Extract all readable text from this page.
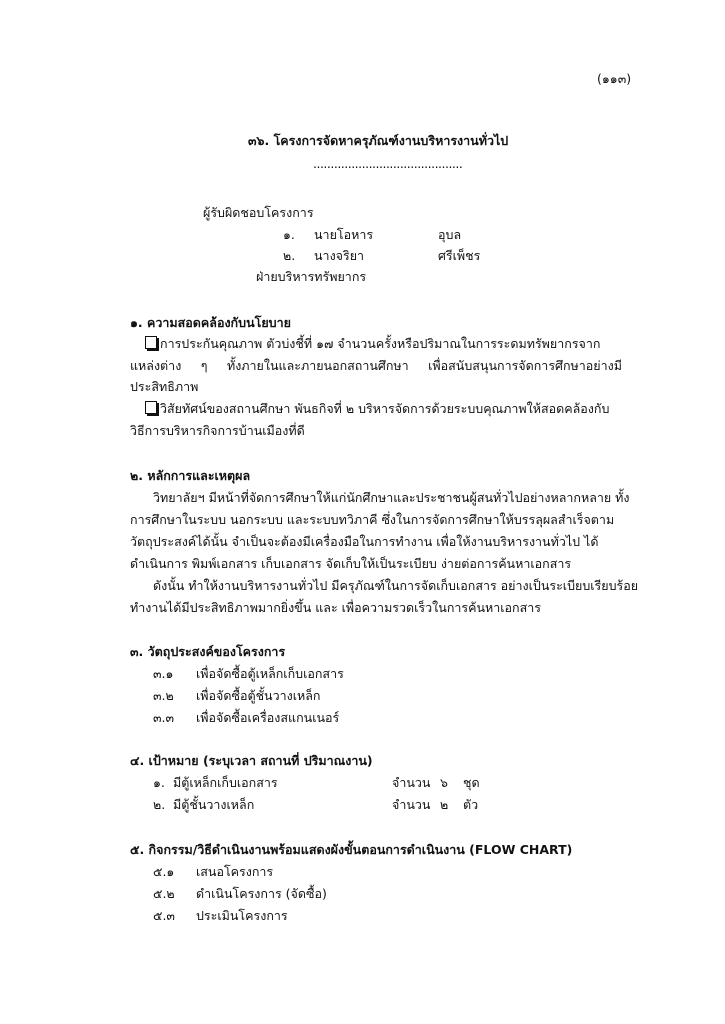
(๑๑๓)
๓๖. โครงการจัดหาครุภัณฑ์งานบริหารงานทั่วไป
...........................................
ผู้รับผิดชอบโครงการ
๑. นายโอหาร	อุบล
๒. นางจริยา	ศรีเพ็ชร
ฝ่ายบริหารทรัพยากร
๑. ความสอดคล้องกับนโยบาย
การประกันคุณภาพ ตัวบ่งชี้ที่ ๑๗ จำนวนครั้งหรือปริมาณในการระดมทรัพยากรจาก
แหล่งต่าง ๆ ทั้งภายในและภายนอกสถานศึกษา เพื่อสนับสนุนการจัดการศึกษาอย่างมี
ประสิทธิภาพ
วิสัยทัศน์ของสถานศึกษา พันธกิจที่ ๒ บริหารจัดการด้วยระบบคุณภาพให้สอดคล้องกับ
วิธีการบริหารกิจการบ้านเมืองที่ดี
๒. หลักการและเหตุผล
วิทยาลัยฯ มีหน้าที่จัดการศึกษาให้แก่นักศึกษาและประชาชนผู้สนทั่วไปอย่างหลากหลาย ทั้ง
การศึกษาในระบบ นอกระบบ และระบบทวิภาคี ซึ่งในการจัดการศึกษาให้บรรลุผลสำเร็จตาม
วัตถุประสงค์ได้นั้น จำเป็นจะต้องมีเครื่องมือในการทำงาน เพื่อให้งานบริหารงานทั่วไป ได้
ดำเนินการ พิมพ์เอกสาร เก็บเอกสาร จัดเก็บให้เป็นระเบียบ ง่ายต่อการค้นหาเอกสาร
ดังนั้น ทำให้งานบริหารงานทั่วไป มีครุภัณฑ์ในการจัดเก็บเอกสาร อย่างเป็นระเบียบเรียบร้อย
ทำงานได้มีประสิทธิภาพมากยิ่งขึ้น และ เพื่อความรวดเร็วในการค้นหาเอกสาร
๓. วัตถุประสงค์ของโครงการ
๓.๑ เพื่อจัดซื้อตู้เหล็กเก็บเอกสาร
๓.๒ เพื่อจัดซื้อตู้ชั้นวางเหล็ก
๓.๓ เพื่อจัดซื้อเครื่องสแกนเนอร์
๔. เป้าหมาย (ระบุเวลา สถานที่ ปริมาณงาน)
๑. มีตู้เหล็กเก็บเอกสาร	จำนวน ๖ ชุด
๒. มีตู้ชั้นวางเหล็ก	จำนวน ๒ ตัว
๕. กิจกรรม/วิธีดำเนินงานพร้อมแสดงผังขั้นตอนการดำเนินงาน (FLOW CHART)
๕.๑ เสนอโครงการ
๕.๒ ดำเนินโครงการ (จัดซื้อ)
๕.๓ ประเมินโครงการ
